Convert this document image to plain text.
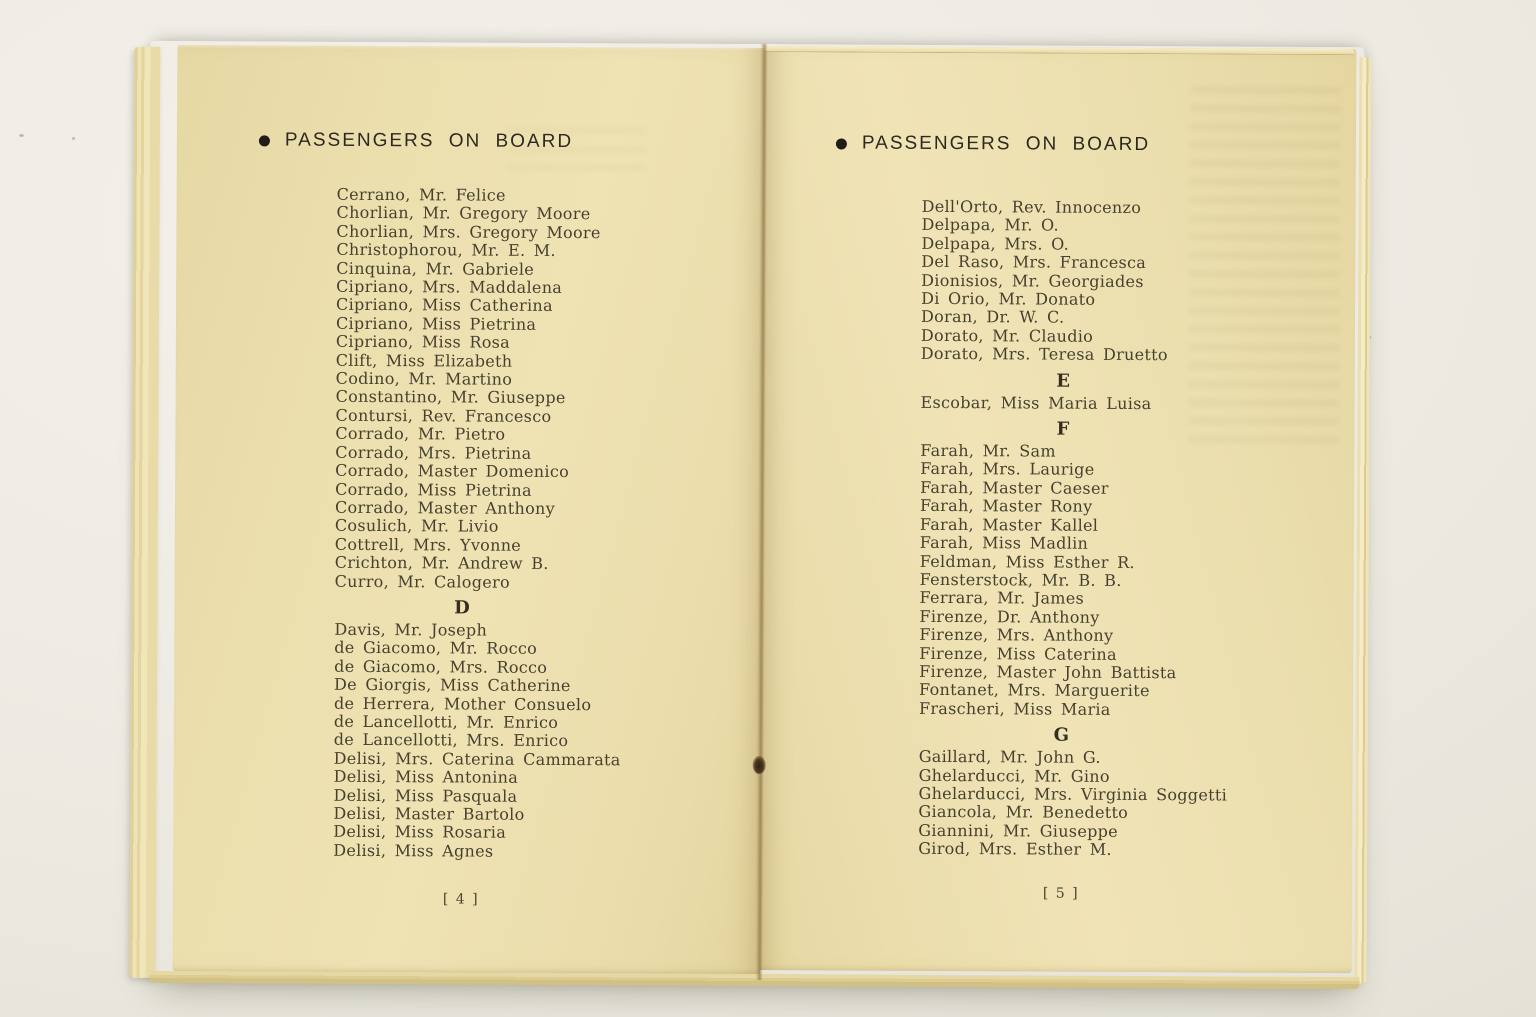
PASSENGERS ON BOARD
Cerrano, Mr. Felice
Chorlian, Mr. Gregory Moore
Chorlian, Mrs. Gregory Moore
Christophorou, Mr. E. M.
Cinquina, Mr. Gabriele
Cipriano, Mrs. Maddalena
Cipriano, Miss Catherina
Cipriano, Miss Pietrina
Cipriano, Miss Rosa
Clift, Miss Elizabeth
Codino, Mr. Martino
Constantino, Mr. Giuseppe
Contursi, Rev. Francesco
Corrado, Mr. Pietro
Corrado, Mrs. Pietrina
Corrado, Master Domenico
Corrado, Miss Pietrina
Corrado, Master Anthony
Cosulich, Mr. Livio
Cottrell, Mrs. Yvonne
Crichton, Mr. Andrew B.
Curro, Mr. Calogero
D
Davis, Mr. Joseph
de Giacomo, Mr. Rocco
de Giacomo, Mrs. Rocco
De Giorgis, Miss Catherine
de Herrera, Mother Consuelo
de Lancellotti, Mr. Enrico
de Lancellotti, Mrs. Enrico
Delisi, Mrs. Caterina Cammarata
Delisi, Miss Antonina
Delisi, Miss Pasquala
Delisi, Master Bartolo
Delisi, Miss Rosaria
Delisi, Miss Agnes
[ 4 ]
PASSENGERS ON BOARD
Dell'Orto, Rev. Innocenzo
Delpapa, Mr. O.
Delpapa, Mrs. O.
Del Raso, Mrs. Francesca
Dionisios, Mr. Georgiades
Di Orio, Mr. Donato
Doran, Dr. W. C.
Dorato, Mr. Claudio
Dorato, Mrs. Teresa Druetto
E
Escobar, Miss Maria Luisa
F
Farah, Mr. Sam
Farah, Mrs. Laurige
Farah, Master Caeser
Farah, Master Rony
Farah, Master Kallel
Farah, Miss Madlin
Feldman, Miss Esther R.
Fensterstock, Mr. B. B.
Ferrara, Mr. James
Firenze, Dr. Anthony
Firenze, Mrs. Anthony
Firenze, Miss Caterina
Firenze, Master John Battista
Fontanet, Mrs. Marguerite
Frascheri, Miss Maria
G
Gaillard, Mr. John G.
Ghelarducci, Mr. Gino
Ghelarducci, Mrs. Virginia Soggetti
Giancola, Mr. Benedetto
Giannini, Mr. Giuseppe
Girod, Mrs. Esther M.
[ 5 ]
